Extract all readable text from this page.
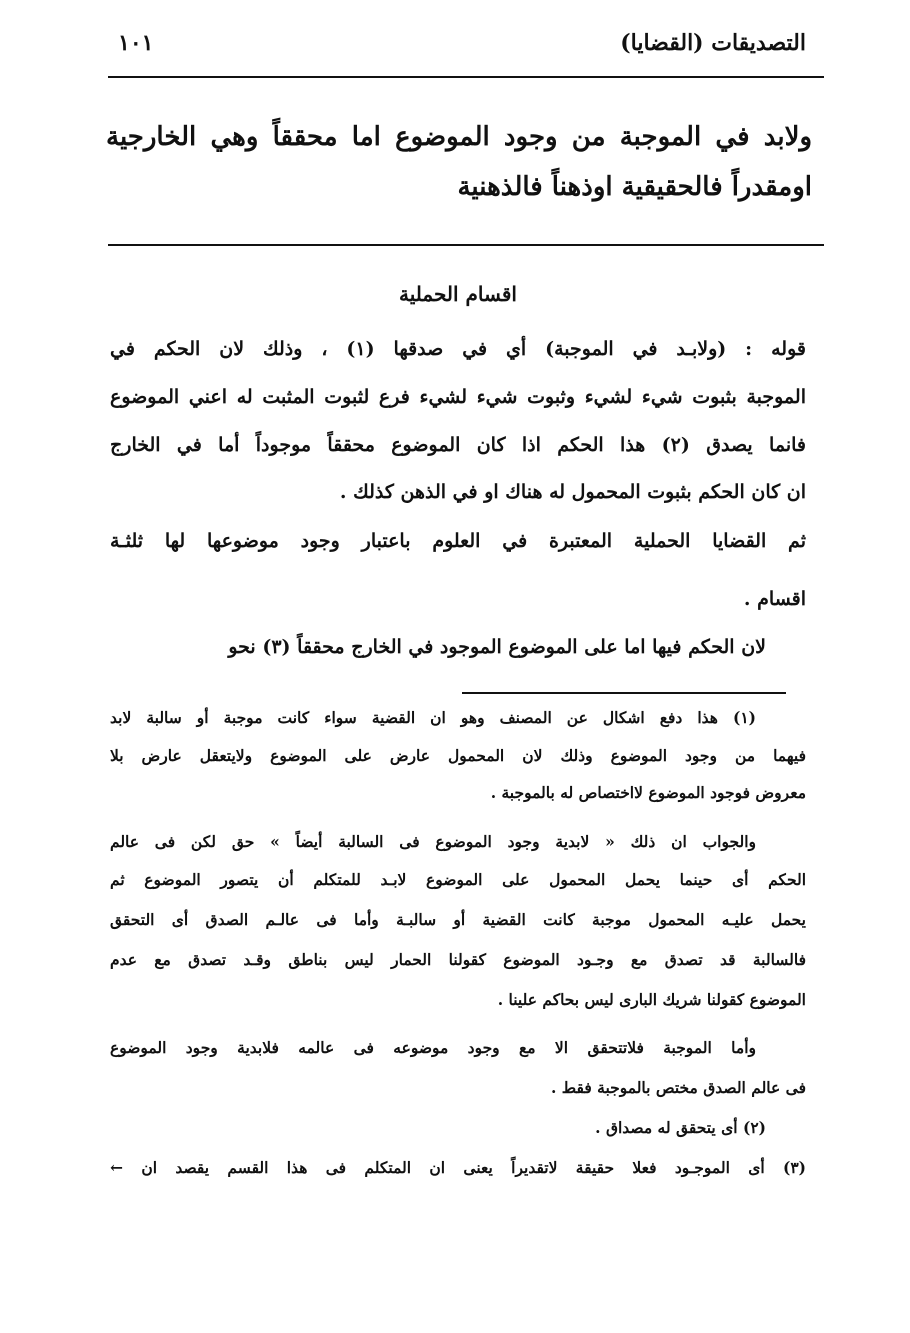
التصديقات (القضايا)
١٠١
ولابد في الموجبة من وجود الموضوع اما محققاً وهي الخارجية
اومقدراً فالحقيقية اوذهناً فالذهنية
اقسام الحملية
قوله : (ولابـد في الموجبة) أي في صدقها (١) ، وذلك لان الحكم في
الموجبة بثبوت شيء لشيء وثبوت شيء لشيء فرع لثبوت المثبت له اعني الموضوع
فانما يصدق (٢) هذا الحكم اذا كان الموضوع محققاً موجوداً أما في الخارج
ان كان الحكم بثبوت المحمول له هناك او في الذهن كذلك .
ثم القضايا الحملية المعتبرة في العلوم باعتبار وجود موضوعها لها ثلثـة
اقسام .
لان الحكم فيها اما على الموضوع الموجود في الخارج محققاً (٣) نحو
(١) هذا دفع اشكال عن المصنف وهو ان القضية سواء كانت موجبة أو سالبة لابد
فيهما من وجود الموضوع وذلك لان المحمول عارض على الموضوع ولايتعقل عارض بلا
معروض فوجود الموضوع لااختصاص له بالموجبة .
والجواب ان ذلك « لابدية وجود الموضوع فى السالبة أيضاً » حق لكن فى عالم
الحكم أى حينما يحمل المحمول على الموضوع لابـد للمتكلم أن يتصور الموضوع ثم
يحمل عليـه المحمول موجبة كانت القضية أو سالبـة وأما فى عالـم الصدق أى التحقق
فالسالبة قد تصدق مع وجـود الموضوع كقولنا الحمار ليس بناطق وقـد تصدق مع عدم
الموضوع كقولنا شريك البارى ليس بحاكم علينا .
وأما الموجبة فلاتتحقق الا مع وجود موضوعه فى عالمه فلابدية وجود الموضوع
فى عالم الصدق مختص بالموجبة فقط .
(٢) أى يتحقق له مصداق .
(٣) أى الموجـود فعلا حقيقة لاتقديراً يعنى ان المتكلم فى هذا القسم يقصد ان ←
